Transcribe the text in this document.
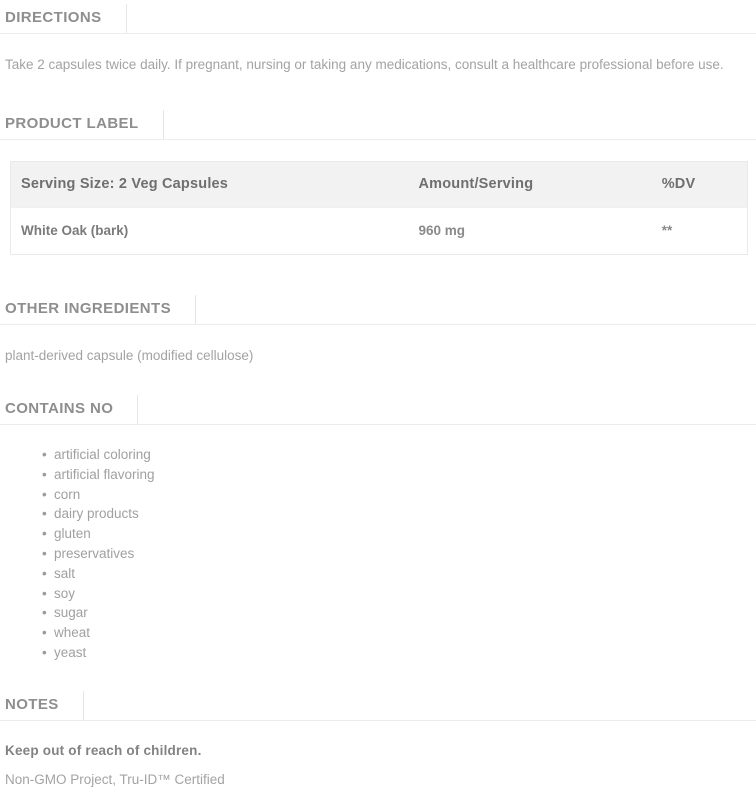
DIRECTIONS

Take 2 capsules twice daily. If pregnant, nursing or taking any medications, consult a healthcare professional before use.

PRODUCT LABEL
Serving Size: 2 Veg Capsules	Amount/Serving	%DV
White Oak (bark)	960 mg	**
OTHER INGREDIENTS

plant-derived capsule (modified cellulose)

CONTAINS NO
• artificial coloring
• artificial flavoring
• corn
• dairy products
• gluten
• preservatives
• salt
• soy
• sugar
• wheat
• yeast
NOTES

Keep out of reach of children.

Non-GMO Project, Tru-ID™ Certified
